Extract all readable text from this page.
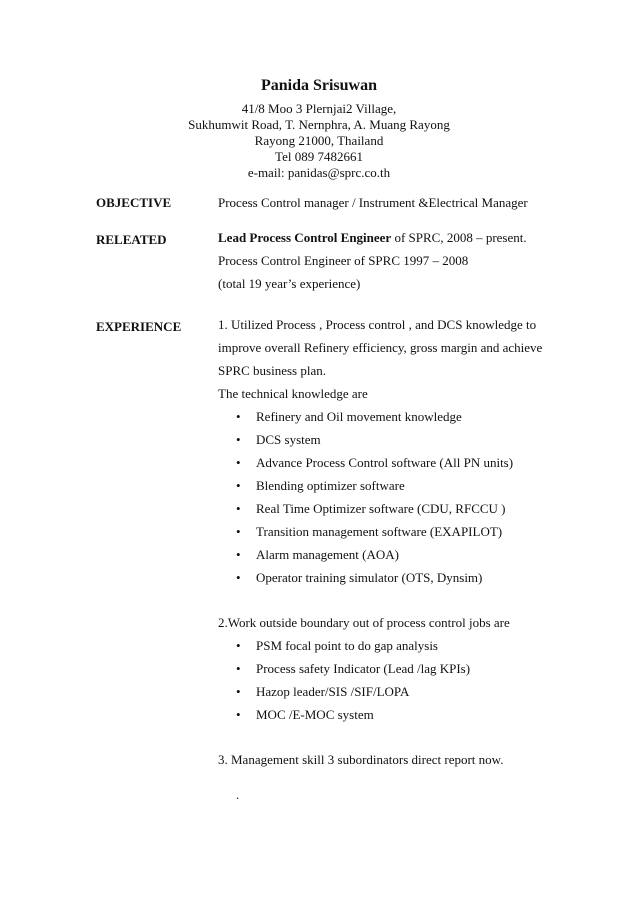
Panida Srisuwan
41/8 Moo 3 Plernjai2 Village,
Sukhumwit Road, T. Nernphra, A. Muang Rayong
Rayong 21000, Thailand
Tel 089 7482661
e-mail: panidas@sprc.co.th
OBJECTIVE	Process Control manager / Instrument &Electrical Manager
RELEATED	Lead Process Control Engineer of SPRC, 2008 – present.
Process Control Engineer of SPRC 1997 – 2008
(total 19 year’s experience)
EXPERIENCE	1. Utilized Process , Process control , and DCS knowledge to
improve overall Refinery efficiency, gross margin and achieve
SPRC business plan.
The technical knowledge are
• Refinery and Oil movement knowledge
• DCS system
• Advance Process Control software (All PN units)
• Blending optimizer software
• Real Time Optimizer software (CDU, RFCCU )
• Transition management software (EXAPILOT)
• Alarm management (AOA)
• Operator training simulator (OTS, Dynsim)
2.Work outside boundary out of process control jobs are
• PSM focal point to do gap analysis
• Process safety Indicator (Lead /lag KPIs)
• Hazop leader/SIS /SIF/LOPA
• MOC /E-MOC system
3. Management skill 3 subordinators direct report now.
.
